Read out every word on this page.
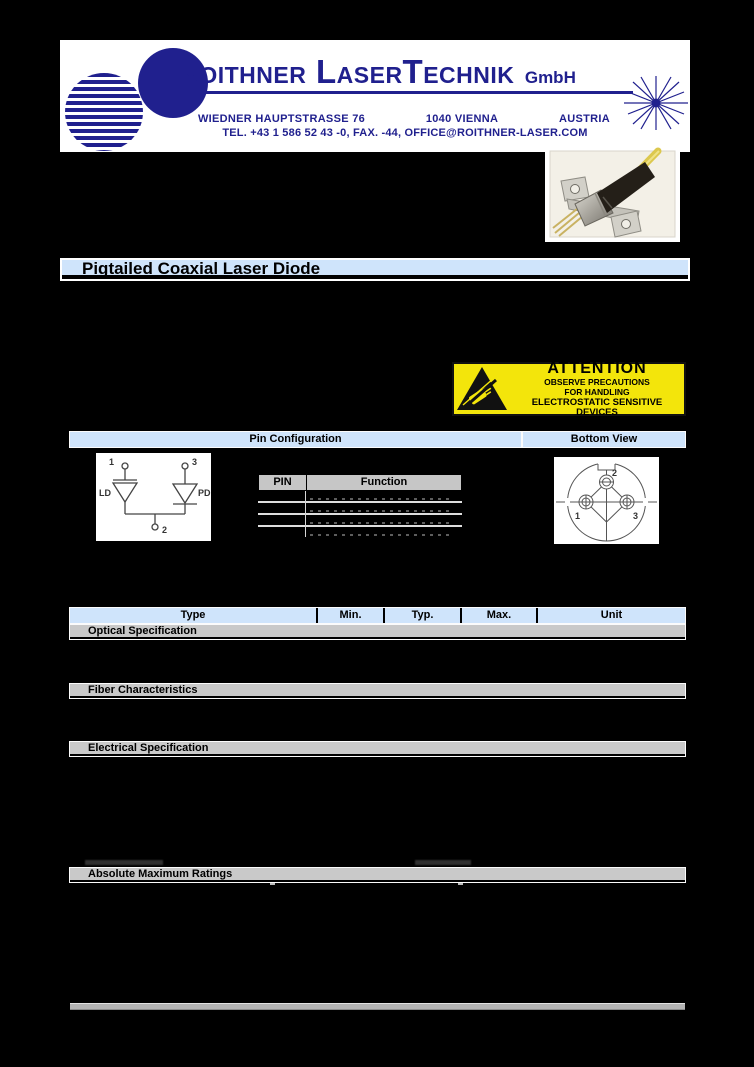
Roithner LaserTechnik GmbH
WIEDNER HAUPTSTRASSE 76	1040 VIENNA	AUSTRIA
TEL. +43 1 586 52 43 -0, FAX. -44, OFFICE@ROITHNER-LASER.COM
Pigtailed Coaxial Laser Diode
ATTENTION
OBSERVE PRECAUTIONS
FOR HANDLING
ELECTROSTATIC SENSITIVE DEVICES
Pin Configuration	Bottom View
1	3
2
LD	PD
PIN	Function
2
1	3
Type	Min.	Typ.	Max.	Unit
Optical Specification
Fiber Characteristics
Electrical Specification
Absolute Maximum Ratings
